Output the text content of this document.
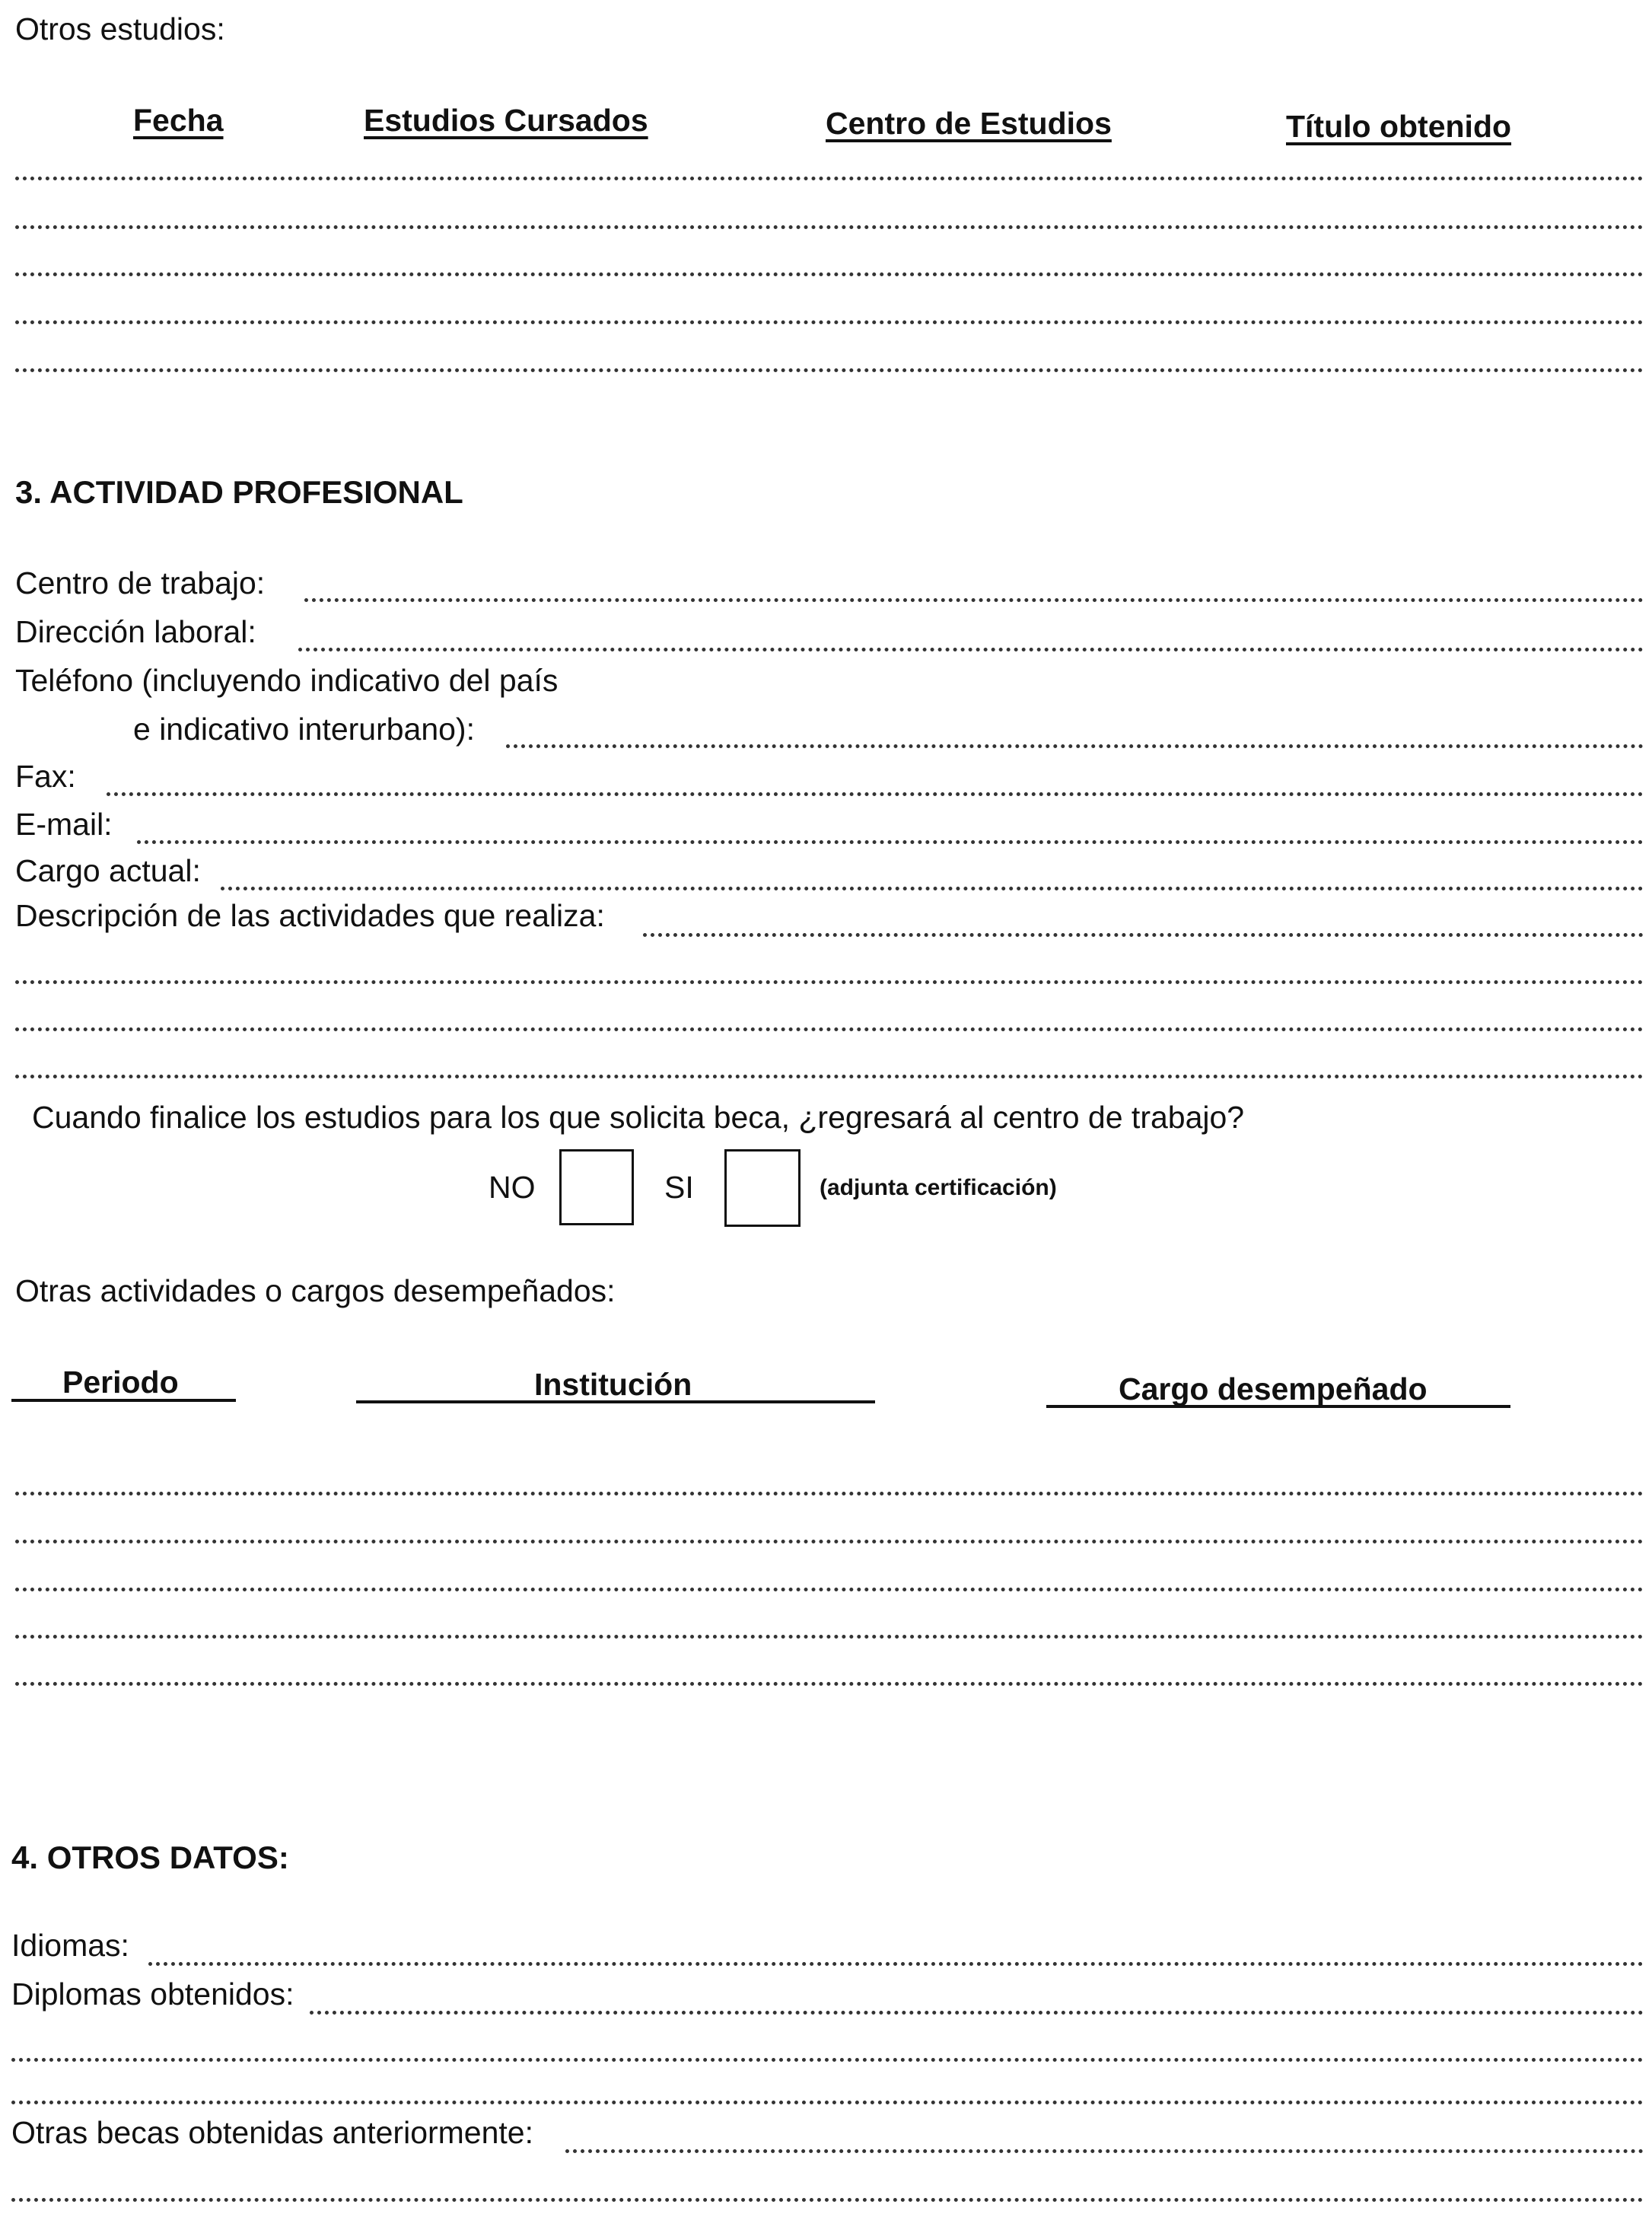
Otros estudios:
Fecha	Estudios Cursados	Centro de Estudios	Título obtenido
3. ACTIVIDAD PROFESIONAL
Centro de trabajo:
Dirección laboral:
Teléfono (incluyendo indicativo del país
e indicativo interurbano):
Fax:
E-mail:
Cargo actual:
Descripción de las actividades que realiza:
Cuando finalice los estudios para los que solicita beca, ¿regresará al centro de trabajo?
NO	SI	(adjunta certificación)
Otras actividades o cargos desempeñados:
Periodo	Institución	Cargo desempeñado
4. OTROS DATOS:
Idiomas:
Diplomas obtenidos:
Otras becas obtenidas anteriormente:
